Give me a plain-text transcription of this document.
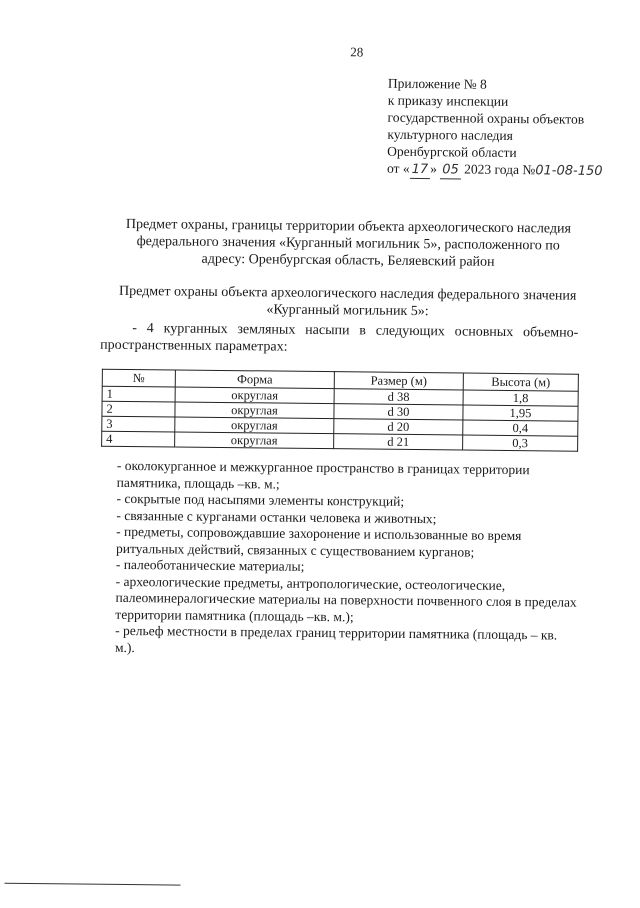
28
Приложение № 8
к приказу инспекции
государственной охраны объектов
культурного наследия
Оренбургской области
от « 17 » 05 2023 года №01-08-150
Предмет охраны, границы территории объекта археологического наследия федерального значения «Курганный могильник 5», расположенного по адресу: Оренбургская область, Беляевский район
Предмет охраны объекта археологического наследия федерального значения «Курганный могильник 5»:
- 4 курганных земляных насыпи в следующих основных объемно-пространственных параметрах:
№	Форма	Размер (м)	Высота (м)
1	округлая	d 38	1,8
2	округлая	d 30	1,95
3	округлая	d 20	0,4
4	округлая	d 21	0,3
- околокурганное и межкурганное пространство в границах территории памятника, площадь –кв. м.;
- сокрытые под насыпями элементы конструкций;
- связанные с курганами останки человека и животных;
- предметы, сопровождавшие захоронение и использованные во время ритуальных действий, связанных с существованием курганов;
- палеоботанические материалы;
- археологические предметы, антропологические, остеологические, палеоминералогические материалы на поверхности почвенного слоя в пределах территории памятника (площадь –кв. м.);
- рельеф местности в пределах границ территории памятника (площадь – кв. м.).
